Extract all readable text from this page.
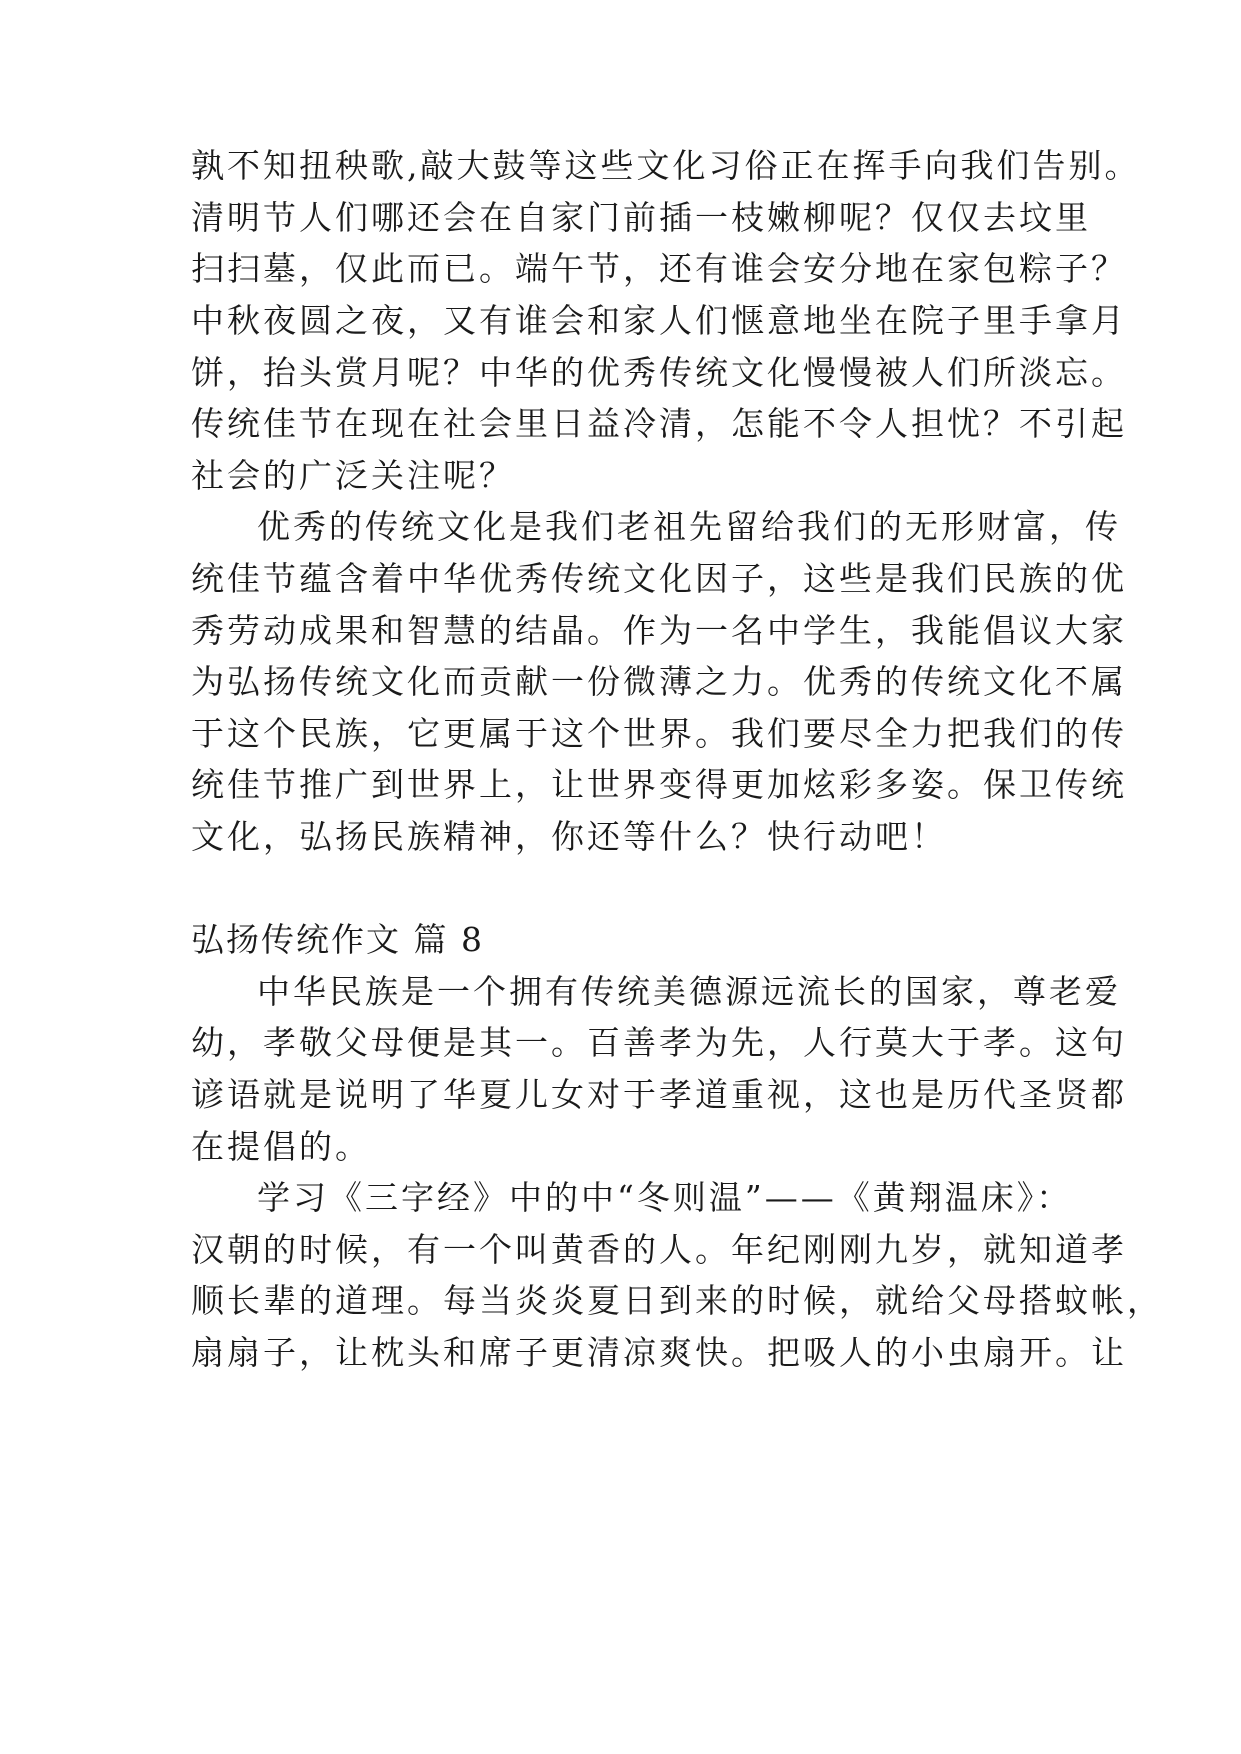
孰不知扭秧歌,敲大鼓等这些文化习俗正在挥手向我们告别。
清明节人们哪还会在自家门前插一枝嫩柳呢？仅仅去坟里
扫扫墓，仅此而已。端午节，还有谁会安分地在家包粽子？
中秋夜圆之夜，又有谁会和家人们惬意地坐在院子里手拿月
饼，抬头赏月呢？中华的优秀传统文化慢慢被人们所淡忘。
传统佳节在现在社会里日益冷清，怎能不令人担忧？不引起
社会的广泛关注呢？
优秀的传统文化是我们老祖先留给我们的无形财富，传
统佳节蕴含着中华优秀传统文化因子，这些是我们民族的优
秀劳动成果和智慧的结晶。作为一名中学生，我能倡议大家
为弘扬传统文化而贡献一份微薄之力。优秀的传统文化不属
于这个民族，它更属于这个世界。我们要尽全力把我们的传
统佳节推广到世界上，让世界变得更加炫彩多姿。保卫传统
文化，弘扬民族精神，你还等什么？快行动吧！
弘扬传统作文 篇 8
中华民族是一个拥有传统美德源远流长的国家，尊老爱
幼，孝敬父母便是其一。百善孝为先，人行莫大于孝。这句
谚语就是说明了华夏儿女对于孝道重视，这也是历代圣贤都
在提倡的。
学习《三字经》中的中“冬则温”——《黄翔温床》：
汉朝的时候，有一个叫黄香的人。年纪刚刚九岁，就知道孝
顺长辈的道理。每当炎炎夏日到来的时候，就给父母搭蚊帐，
扇扇子，让枕头和席子更清凉爽快。把吸人的小虫扇开。让
